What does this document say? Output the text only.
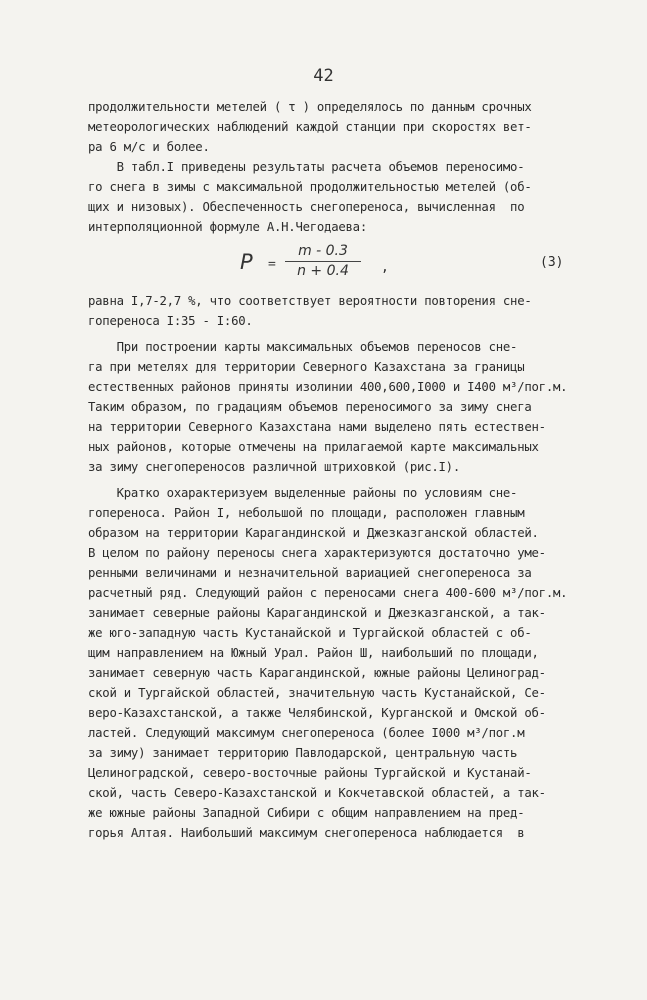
42
продолжительности метелей ( τ ) определялось по данным срочных
метеорологических наблюдений каждой станции при скоростях вет-
ра 6 м/с и более.
В табл.I приведены результаты расчета объемов переносимо-
го снега в зимы с максимальной продолжительностью метелей (об-
щих и низовых). Обеспеченность снегопереноса, вычисленная  по
интерполяционной формуле А.Н.Чегодаева:
P =
m - 0.3
n + 0.4	,	(3)
равна I,7-2,7 %, что соответствует вероятности повторения сне-
гопереноса I:35 - I:60.
При построении карты максимальных объемов переносов сне-
га при метелях для территории Северного Казахстана за границы
естественных районов приняты изолинии 400,600,I000 и I400 м³/пог.м.
Таким образом, по градациям объемов переносимого за зиму снега
на территории Северного Казахстана нами выделено пять естествен-
ных районов, которые отмечены на прилагаемой карте максимальных
за зиму снегопереносов различной штриховкой (рис.I).
Кратко охарактеризуем выделенные районы по условиям сне-
гопереноса. Район I, небольшой по площади, расположен главным
образом на территории Карагандинской и Джезказганской областей.
В целом по району переносы снега характеризуются достаточно уме-
ренными величинами и незначительной вариацией снегопереноса за
расчетный ряд. Следующий район с переносами снега 400-600 м³/пог.м.
занимает северные районы Карагандинской и Джезказганской, а так-
же юго-западную часть Кустанайской и Тургайской областей с об-
щим направлением на Южный Урал. Район Ш, наибольший по площади,
занимает северную часть Карагандинской, южные районы Целиноград-
ской и Тургайской областей, значительную часть Кустанайской, Се-
веро-Казахстанской, а также Челябинской, Курганской и Омской об-
ластей. Следующий максимум снегопереноса (более I000 м³/пог.м
за зиму) занимает территорию Павлодарской, центральную часть
Целиноградской, северо-восточные районы Тургайской и Кустанай-
ской, часть Северо-Казахстанской и Кокчетавской областей, а так-
же южные районы Западной Сибири с общим направлением на пред-
горья Алтая. Наибольший максимум снегопереноса наблюдается  в
